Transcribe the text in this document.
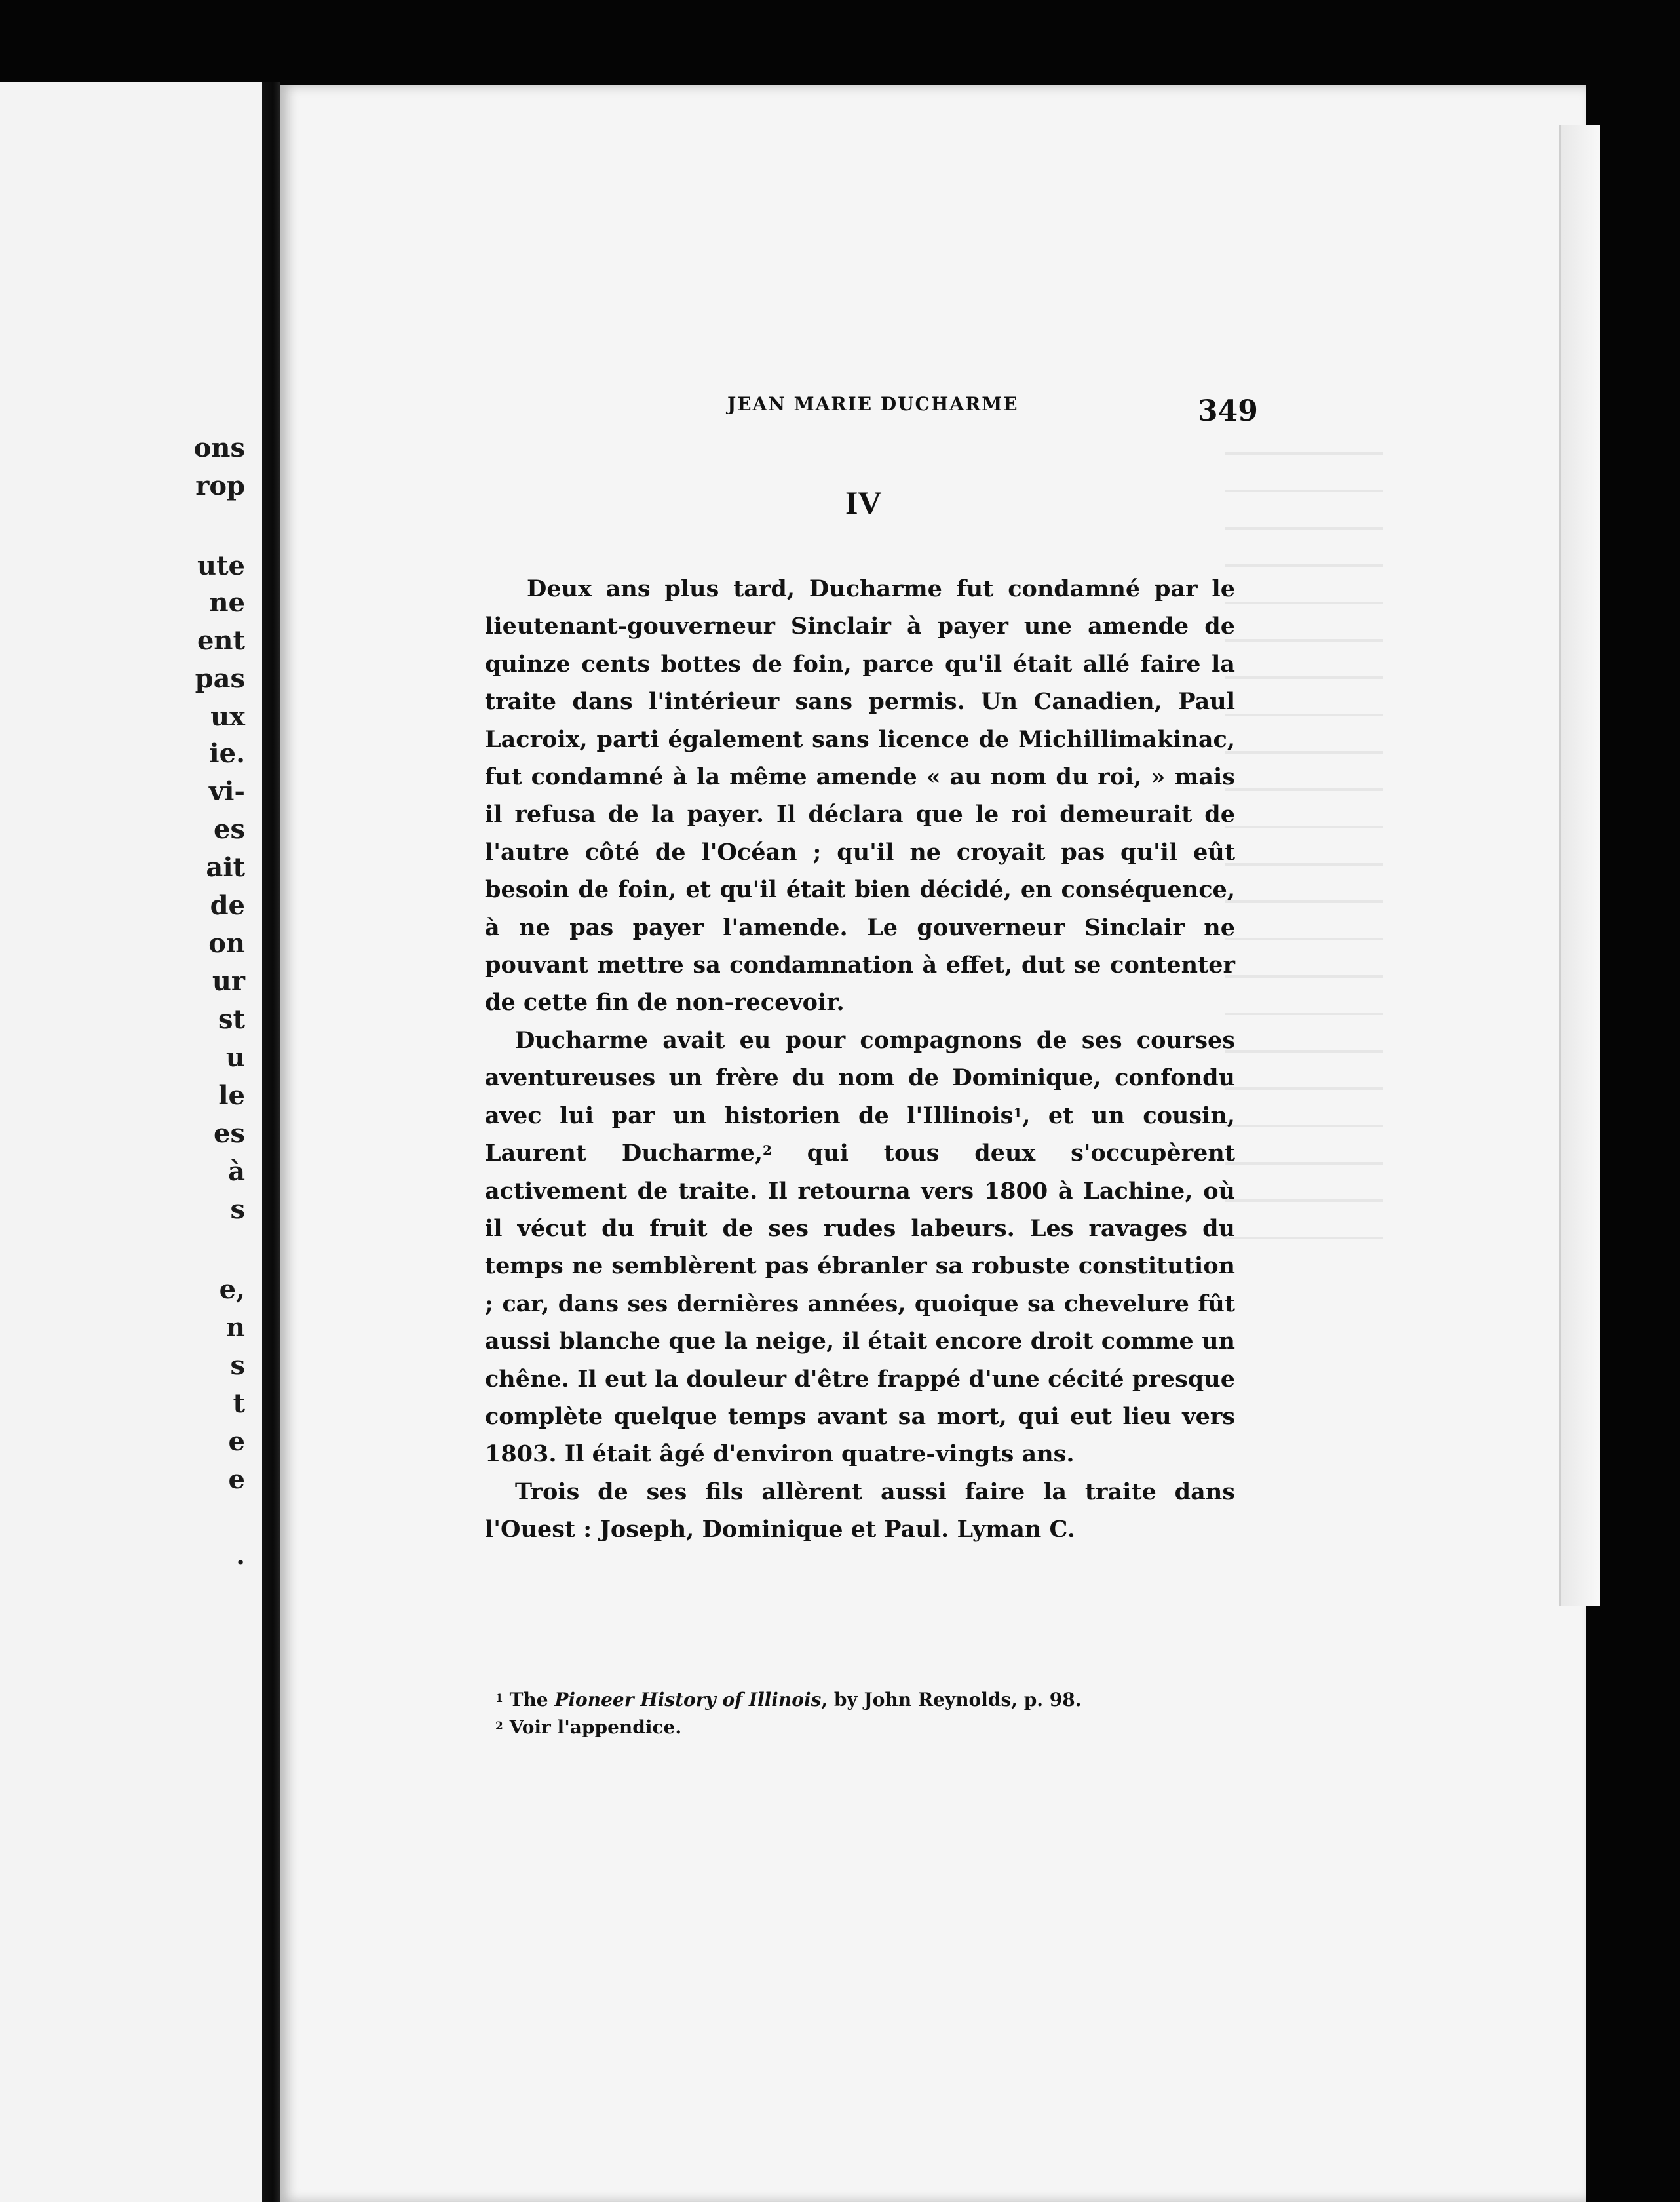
ons
rop
ute
ne
ent
pas
ux
ie.
vi-
es
ait
de
on
ur
st
u
le
es
à
s
e,
n
s
t
e
e
.
JEAN MARIE DUCHARME	349
IV

Deux ans plus tard, Ducharme fut condamné par le lieutenant-gouverneur Sinclair à payer une amende de quinze cents bottes de foin, parce qu'il était allé faire la traite dans l'intérieur sans permis. Un Canadien, Paul Lacroix, parti également sans licence de Michillimakinac, fut condamné à la même amende « au nom du roi, » mais il refusa de la payer. Il déclara que le roi demeurait de l'autre côté de l'Océan ; qu'il ne croyait pas qu'il eût besoin de foin, et qu'il était bien décidé, en conséquence, à ne pas payer l'amende. Le gouverneur Sinclair ne pouvant mettre sa condamnation à effet, dut se contenter de cette fin de non-recevoir.

Ducharme avait eu pour compagnons de ses courses aventureuses un frère du nom de Dominique, confondu avec lui par un historien de l'Illinois$^1$, et un cousin, Laurent Ducharme,$^2$ qui tous deux s'occupèrent activement de traite. Il retourna vers 1800 à Lachine, où il vécut du fruit de ses rudes labeurs. Les ravages du temps ne semblèrent pas ébranler sa robuste constitution ; car, dans ses dernières années, quoique sa chevelure fût aussi blanche que la neige, il était encore droit comme un chêne. Il eut la douleur d'être frappé d'une cécité presque complète quelque temps avant sa mort, qui eut lieu vers 1803. Il était âgé d'environ quatre-vingts ans.

Trois de ses fils allèrent aussi faire la traite dans l'Ouest : Joseph, Dominique et Paul. Lyman C.

$^1$ The Pioneer History of Illinois, by John Reynolds, p. 98.
$^2$ Voir l'appendice.
